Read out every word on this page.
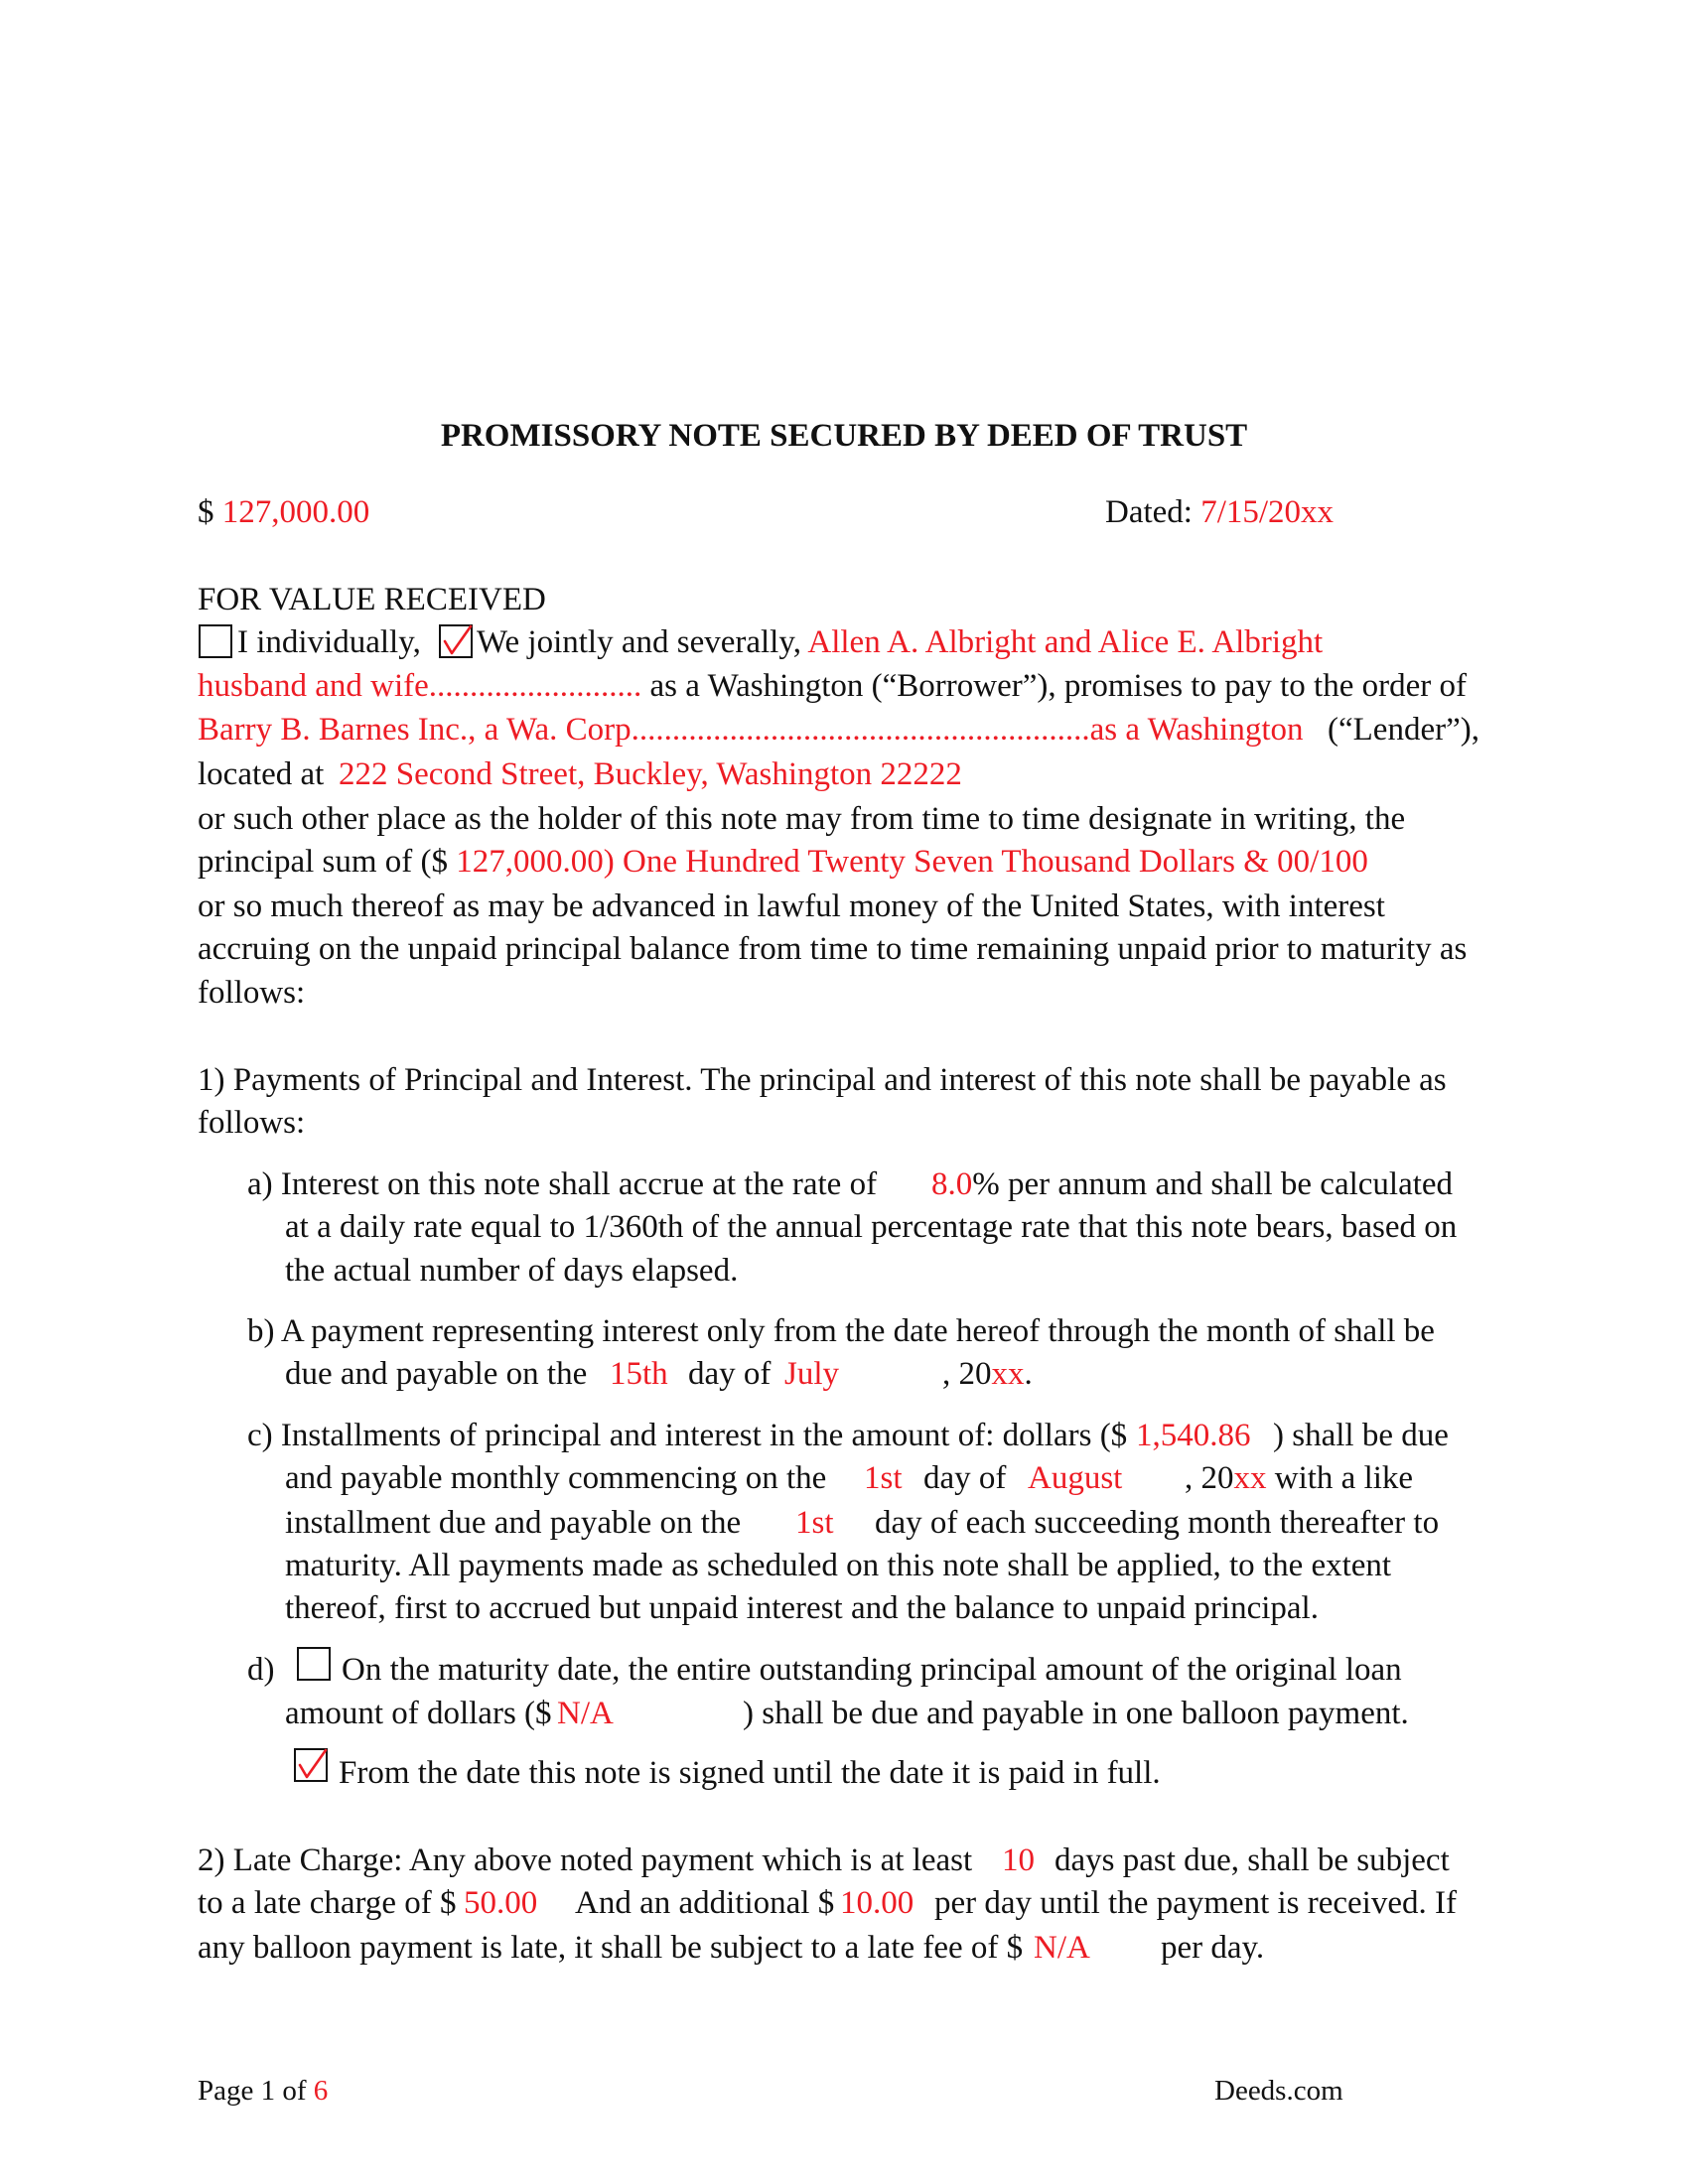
PROMISSORY NOTE SECURED BY DEED OF TRUST
$ 127,000.00	Dated: 7/15/20xx
FOR VALUE RECEIVED
I individually, We jointly and severally, Allen A. Albright and Alice E. Albright
husband and wife.......................... as a Washington (“Borrower”), promises to pay to the order of
Barry B. Barnes Inc., a Wa. Corp........................................................as a Washington (“Lender”),
located at 222 Second Street, Buckley, Washington 22222
or such other place as the holder of this note may from time to time designate in writing, the
principal sum of ($ 127,000.00) One Hundred Twenty Seven Thousand Dollars & 00/100
or so much thereof as may be advanced in lawful money of the United States, with interest
accruing on the unpaid principal balance from time to time remaining unpaid prior to maturity as
follows:
1) Payments of Principal and Interest. The principal and interest of this note shall be payable as
follows:
a) Interest on this note shall accrue at the rate of 8.0% per annum and shall be calculated
at a daily rate equal to 1/360th of the annual percentage rate that this note bears, based on
the actual number of days elapsed.
b) A payment representing interest only from the date hereof through the month of shall be
due and payable on the 15th day of July	, 20xx.
c) Installments of principal and interest in the amount of: dollars ($ 1,540.86 ) shall be due
and payable monthly commencing on the 1st day of August , 20xx with a like
installment due and payable on the 1st day of each succeeding month thereafter to
maturity. All payments made as scheduled on this note shall be applied, to the extent
thereof, first to accrued but unpaid interest and the balance to unpaid principal.
d) On the maturity date, the entire outstanding principal amount of the original loan
amount of dollars ($ N/A	) shall be due and payable in one balloon payment.
From the date this note is signed until the date it is paid in full.
2) Late Charge: Any above noted payment which is at least 10 days past due, shall be subject
to a late charge of $ 50.00 And an additional $ 10.00 per day until the payment is received. If
any balloon payment is late, it shall be subject to a late fee of $ N/A per day.
Page 1 of 6	Deeds.com
